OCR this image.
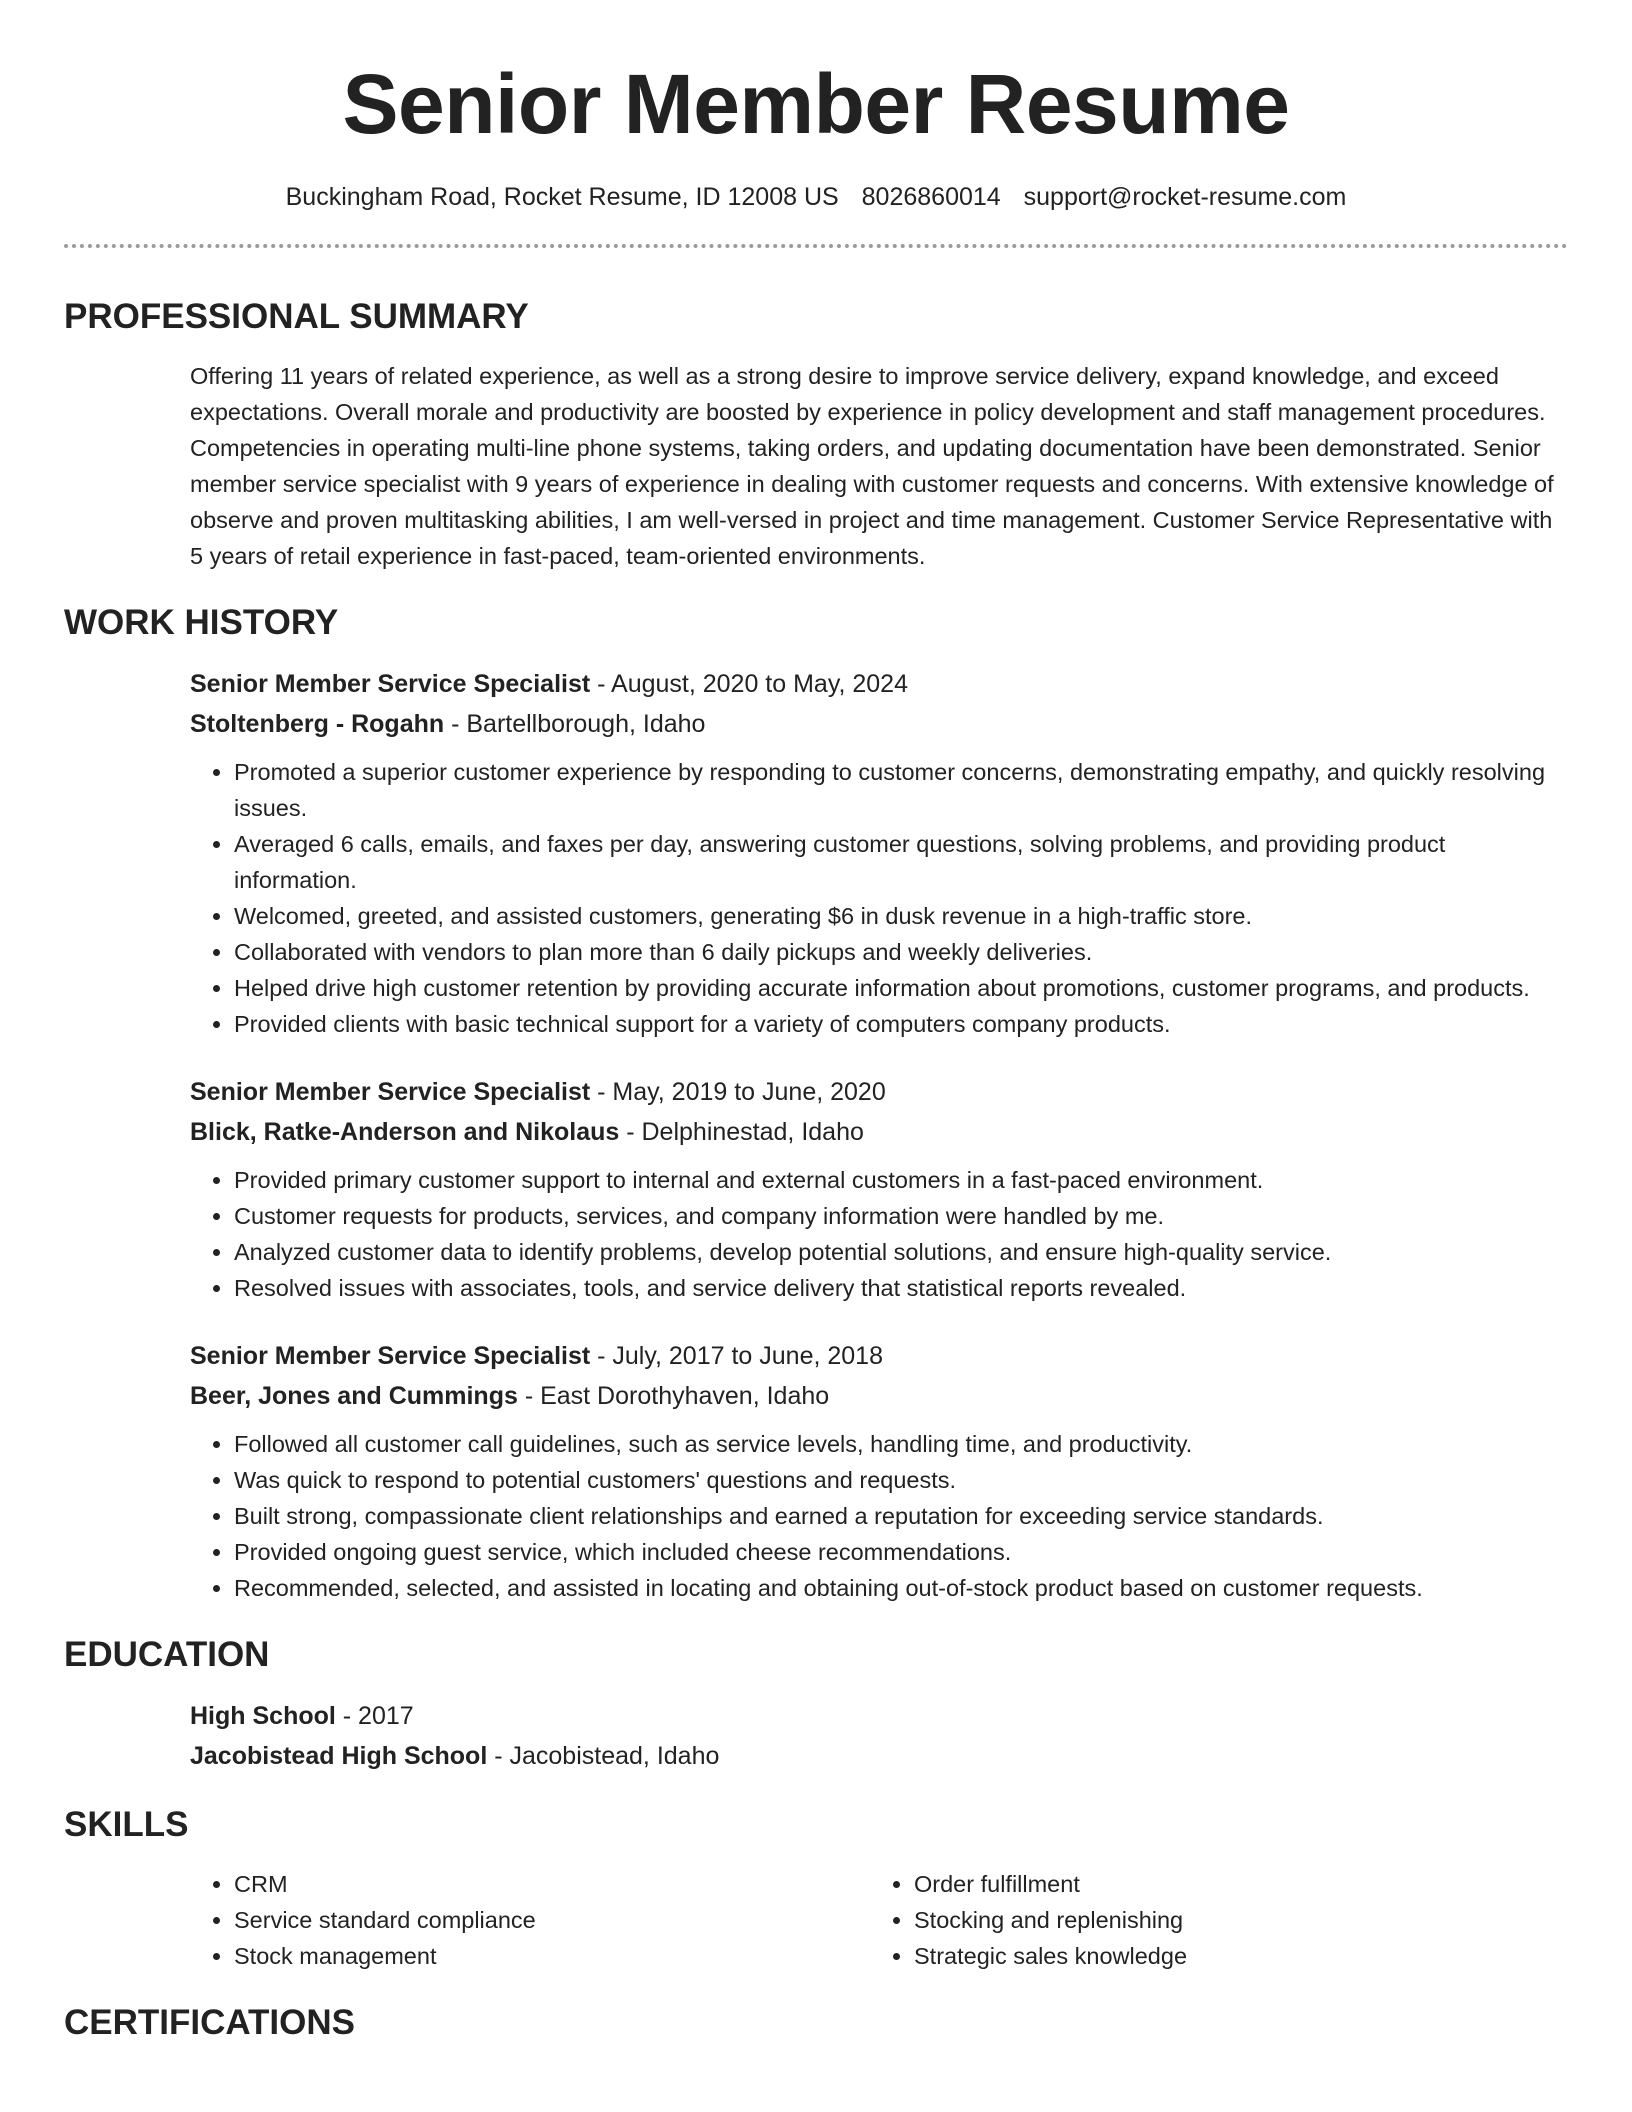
Senior Member Resume
Buckingham Road, Rocket Resume, ID 12008 US 8026860014 support@rocket-resume.com
PROFESSIONAL SUMMARY
Offering 11 years of related experience, as well as a strong desire to improve service delivery, expand knowledge, and exceed expectations. Overall morale and productivity are boosted by experience in policy development and staff management procedures. Competencies in operating multi-line phone systems, taking orders, and updating documentation have been demonstrated. Senior member service specialist with 9 years of experience in dealing with customer requests and concerns. With extensive knowledge of observe and proven multitasking abilities, I am well-versed in project and time management. Customer Service Representative with 5 years of retail experience in fast-paced, team-oriented environments.
WORK HISTORY
Senior Member Service Specialist - August, 2020 to May, 2024
Stoltenberg - Rogahn - Bartellborough, Idaho
• Promoted a superior customer experience by responding to customer concerns, demonstrating empathy, and quickly resolving issues.
• Averaged 6 calls, emails, and faxes per day, answering customer questions, solving problems, and providing product information.
• Welcomed, greeted, and assisted customers, generating $6 in dusk revenue in a high-traffic store.
• Collaborated with vendors to plan more than 6 daily pickups and weekly deliveries.
• Helped drive high customer retention by providing accurate information about promotions, customer programs, and products.
• Provided clients with basic technical support for a variety of computers company products.
Senior Member Service Specialist - May, 2019 to June, 2020
Blick, Ratke-Anderson and Nikolaus - Delphinestad, Idaho
• Provided primary customer support to internal and external customers in a fast-paced environment.
• Customer requests for products, services, and company information were handled by me.
• Analyzed customer data to identify problems, develop potential solutions, and ensure high-quality service.
• Resolved issues with associates, tools, and service delivery that statistical reports revealed.
Senior Member Service Specialist - July, 2017 to June, 2018
Beer, Jones and Cummings - East Dorothyhaven, Idaho
• Followed all customer call guidelines, such as service levels, handling time, and productivity.
• Was quick to respond to potential customers' questions and requests.
• Built strong, compassionate client relationships and earned a reputation for exceeding service standards.
• Provided ongoing guest service, which included cheese recommendations.
• Recommended, selected, and assisted in locating and obtaining out-of-stock product based on customer requests.
EDUCATION
High School - 2017
Jacobistead High School - Jacobistead, Idaho
SKILLS
• CRM
• Service standard compliance
• Stock management
• Order fulfillment
• Stocking and replenishing
• Strategic sales knowledge
CERTIFICATIONS
